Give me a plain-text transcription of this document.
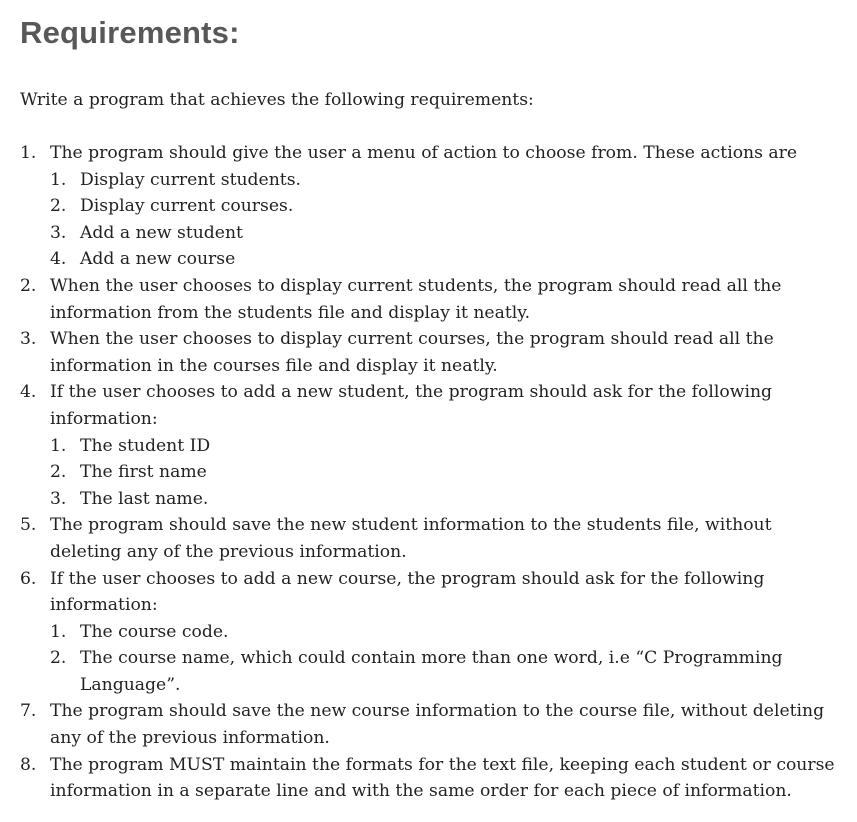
Requirements:

Write a program that achieves the following requirements:

1. The program should give the user a menu of action to choose from. These actions are
1. Display current students.
2. Display current courses.
3. Add a new student
4. Add a new course
2. When the user chooses to display current students, the program should read all the information from the students file and display it neatly.
3. When the user chooses to display current courses, the program should read all the information in the courses file and display it neatly.
4. If the user chooses to add a new student, the program should ask for the following information:
1. The student ID
2. The first name
3. The last name.
5. The program should save the new student information to the students file, without deleting any of the previous information.
6. If the user chooses to add a new course, the program should ask for the following information:
1. The course code.
2. The course name, which could contain more than one word, i.e “C Programming Language”.
7. The program should save the new course information to the course file, without deleting any of the previous information.
8. The program MUST maintain the formats for the text file, keeping each student or course information in a separate line and with the same order for each piece of information.
